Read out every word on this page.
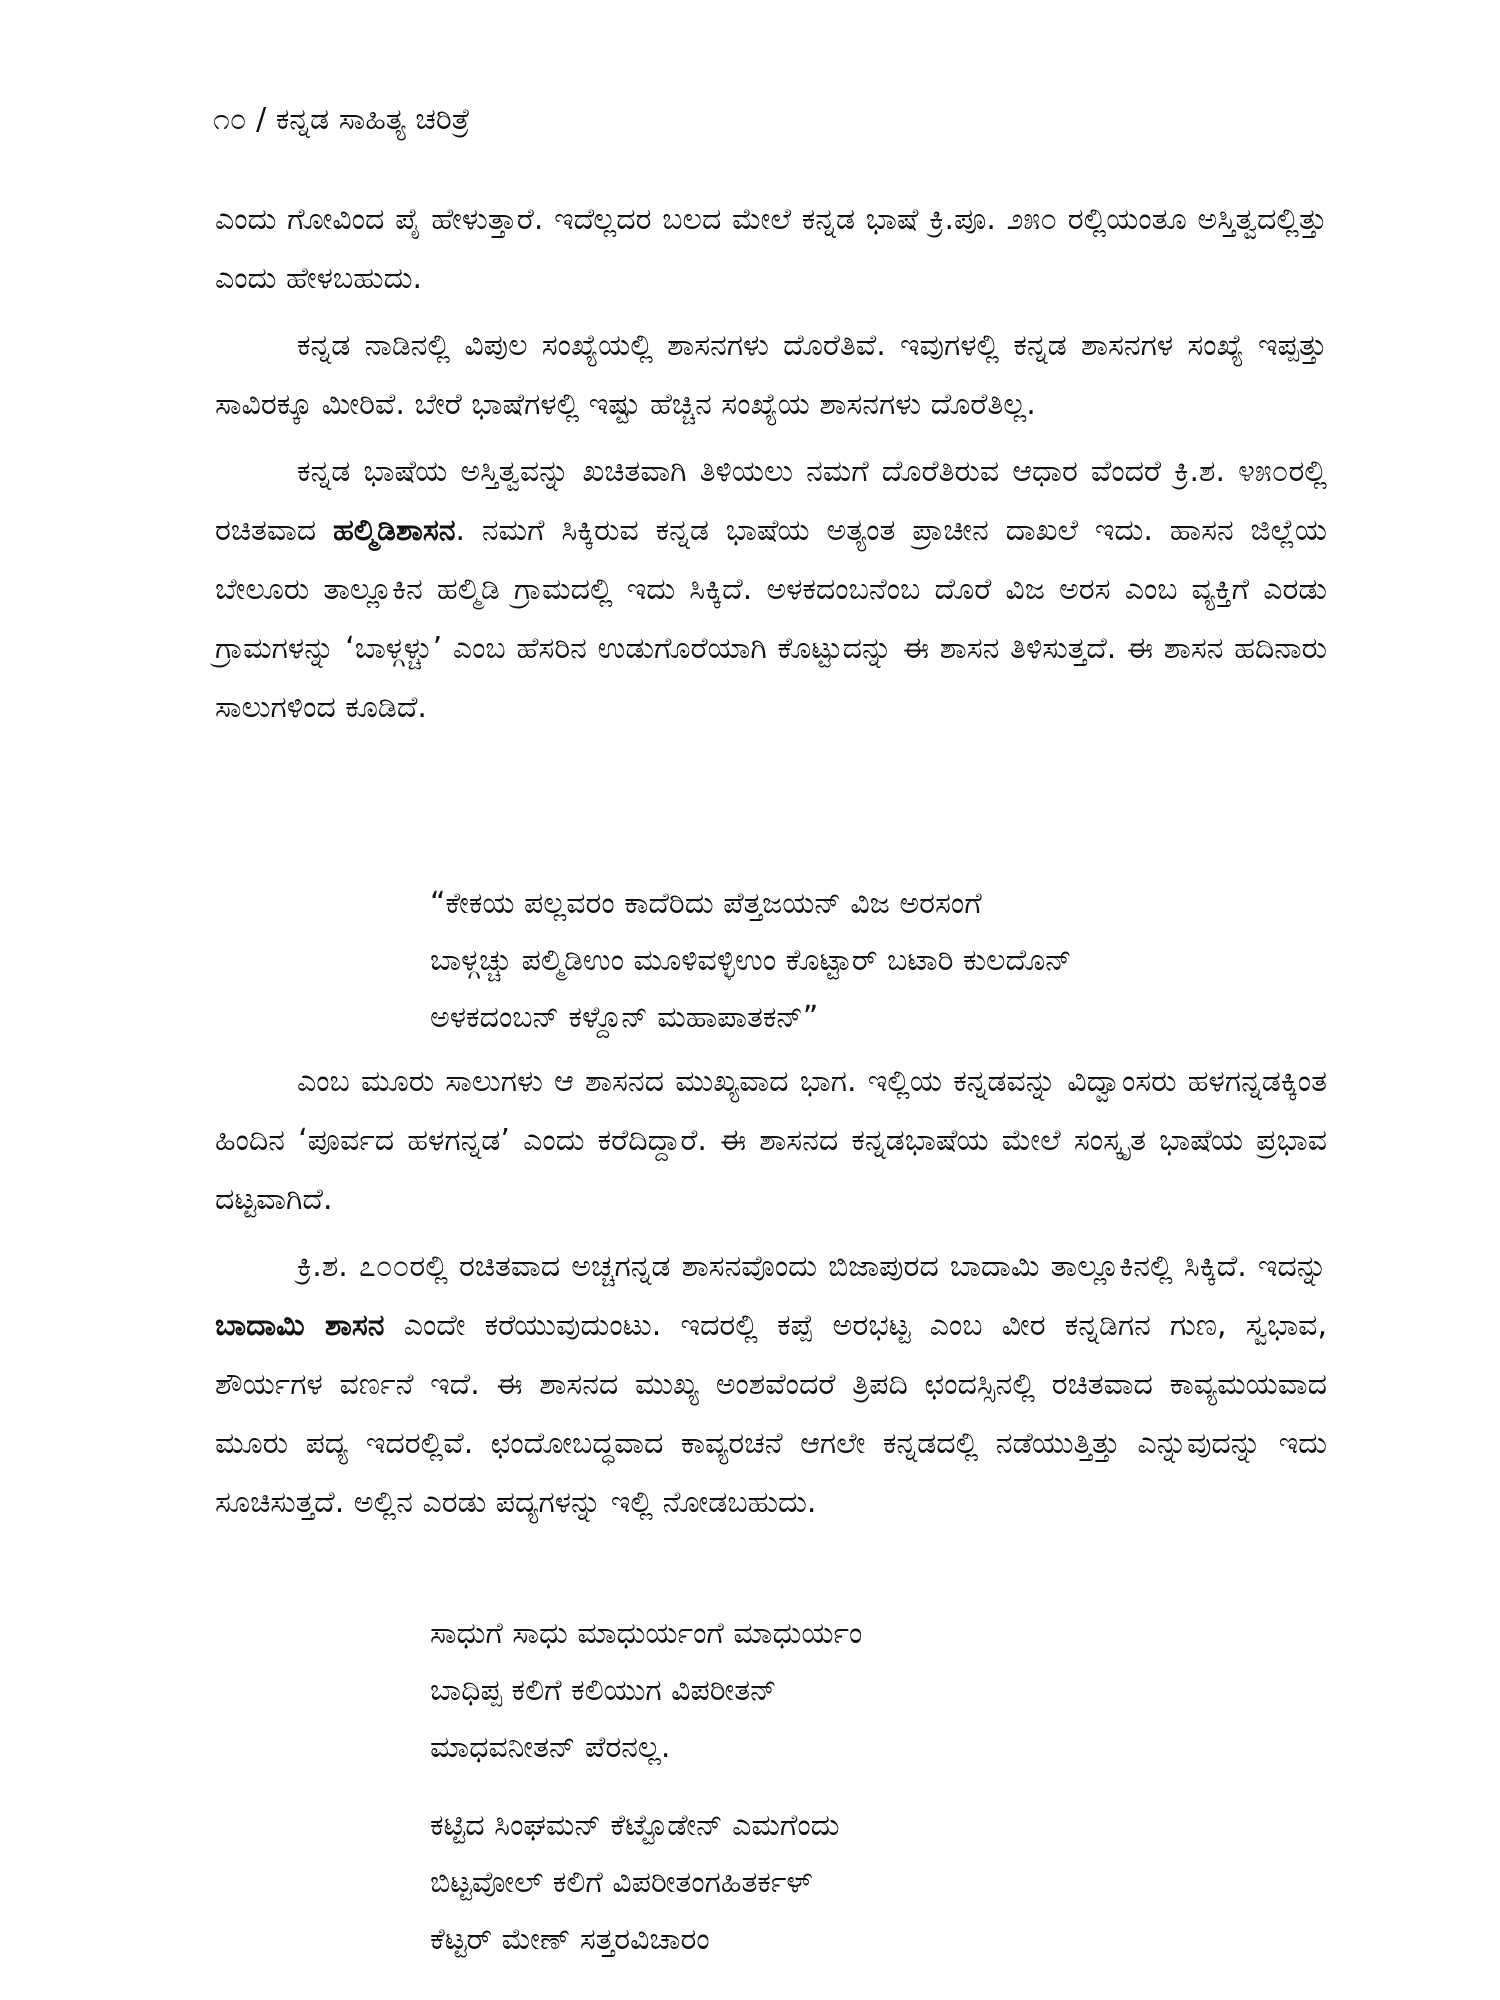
೧೦ / ಕನ್ನಡ ಸಾಹಿತ್ಯ ಚರಿತ್ರೆ

ಎಂದು ಗೋವಿಂದ ಪೈ ಹೇಳುತ್ತಾರೆ. ಇದೆಲ್ಲದರ ಬಲದ ಮೇಲೆ ಕನ್ನಡ ಭಾಷೆ ಕ್ರಿ.ಪೂ. ೨೫೦ ರಲ್ಲಿಯಂತೂ ಅಸ್ತಿತ್ವದಲ್ಲಿತ್ತು ಎಂದು ಹೇಳಬಹುದು.

ಕನ್ನಡ ನಾಡಿನಲ್ಲಿ ವಿಪುಲ ಸಂಖ್ಯೆಯಲ್ಲಿ ಶಾಸನಗಳು ದೊರೆತಿವೆ. ಇವುಗಳಲ್ಲಿ ಕನ್ನಡ ಶಾಸನಗಳ ಸಂಖ್ಯೆ ಇಪ್ಪತ್ತು ಸಾವಿರಕ್ಕೂ ಮೀರಿವೆ. ಬೇರೆ ಭಾಷೆಗಳಲ್ಲಿ ಇಷ್ಟು ಹೆಚ್ಚಿನ ಸಂಖ್ಯೆಯ ಶಾಸನಗಳು ದೊರೆತಿಲ್ಲ.

ಕನ್ನಡ ಭಾಷೆಯ ಅಸ್ತಿತ್ವವನ್ನು ಖಚಿತವಾಗಿ ತಿಳಿಯಲು ನಮಗೆ ದೊರೆತಿರುವ ಆಧಾರ ವೆಂದರೆ ಕ್ರಿ.ಶ. ೪೫೦ರಲ್ಲಿ ರಚಿತವಾದ ಹಲ್ಮಿಡಿಶಾಸನ. ನಮಗೆ ಸಿಕ್ಕಿರುವ ಕನ್ನಡ ಭಾಷೆಯ ಅತ್ಯಂತ ಪ್ರಾಚೀನ ದಾಖಲೆ ಇದು. ಹಾಸನ ಜಿಲ್ಲೆಯ ಬೇಲೂರು ತಾಲ್ಲೂಕಿನ ಹಲ್ಮಿಡಿ ಗ್ರಾಮದಲ್ಲಿ ಇದು ಸಿಕ್ಕಿದೆ. ಅಳಕದಂಬನೆಂಬ ದೊರೆ ವಿಜ ಅರಸ ಎಂಬ ವ್ಯಕ್ತಿಗೆ ಎರಡು ಗ್ರಾಮಗಳನ್ನು ‘ಬಾಳ್ಗಳ್ಚು’ ಎಂಬ ಹೆಸರಿನ ಉಡುಗೊರೆಯಾಗಿ ಕೊಟ್ಟುದನ್ನು ಈ ಶಾಸನ ತಿಳಿಸುತ್ತದೆ. ಈ ಶಾಸನ ಹದಿನಾರು ಸಾಲುಗಳಿಂದ ಕೂಡಿದೆ.

“ಕೇಕಯ ಪಲ್ಲವರಂ ಕಾದೆರಿದು ಪೆತ್ತಜಯನ್ ವಿಜ ಅರಸಂಗೆ
ಬಾಳ್ಗಚ್ಚು ಪಲ್ಮಿಡಿಉಂ ಮೂಳಿವಳ್ಳಿಉಂ ಕೊಟ್ಟಾರ್ ಬಟಾರಿ ಕುಲದೊನ್
ಅಳಕದಂಬನ್ ಕಳ್ದೊನ್ ಮಹಾಪಾತಕನ್”

ಎಂಬ ಮೂರು ಸಾಲುಗಳು ಆ ಶಾಸನದ ಮುಖ್ಯವಾದ ಭಾಗ. ಇಲ್ಲಿಯ ಕನ್ನಡವನ್ನು ವಿದ್ವಾಂಸರು ಹಳಗನ್ನಡಕ್ಕಿಂತ ಹಿಂದಿನ ‘ಪೂರ್ವದ ಹಳಗನ್ನಡ’ ಎಂದು ಕರೆದಿದ್ದಾರೆ. ಈ ಶಾಸನದ ಕನ್ನಡಭಾಷೆಯ ಮೇಲೆ ಸಂಸ್ಕೃತ ಭಾಷೆಯ ಪ್ರಭಾವ ದಟ್ಟವಾಗಿದೆ.

ಕ್ರಿ.ಶ. ೭೦೦ರಲ್ಲಿ ರಚಿತವಾದ ಅಚ್ಚಗನ್ನಡ ಶಾಸನವೊಂದು ಬಿಜಾಪುರದ ಬಾದಾಮಿ ತಾಲ್ಲೂಕಿನಲ್ಲಿ ಸಿಕ್ಕಿದೆ. ಇದನ್ನು ಬಾದಾಮಿ ಶಾಸನ ಎಂದೇ ಕರೆಯುವುದುಂಟು. ಇದರಲ್ಲಿ ಕಪ್ಪೆ ಅರಭಟ್ಟ ಎಂಬ ವೀರ ಕನ್ನಡಿಗನ ಗುಣ, ಸ್ವಭಾವ, ಶೌರ್ಯಗಳ ವರ್ಣನೆ ಇದೆ. ಈ ಶಾಸನದ ಮುಖ್ಯ ಅಂಶವೆಂದರೆ ತ್ರಿಪದಿ ಛಂದಸ್ಸಿನಲ್ಲಿ ರಚಿತವಾದ ಕಾವ್ಯಮಯವಾದ ಮೂರು ಪದ್ಯ ಇದರಲ್ಲಿವೆ. ಛಂದೋಬದ್ಧವಾದ ಕಾವ್ಯರಚನೆ ಆಗಲೇ ಕನ್ನಡದಲ್ಲಿ ನಡೆಯುತ್ತಿತ್ತು ಎನ್ನುವುದನ್ನು ಇದು ಸೂಚಿಸುತ್ತದೆ. ಅಲ್ಲಿನ ಎರಡು ಪದ್ಯಗಳನ್ನು ಇಲ್ಲಿ ನೋಡಬಹುದು.

ಸಾಧುಗೆ ಸಾಧು ಮಾಧುರ್ಯಂಗೆ ಮಾಧುರ್ಯಂ
ಬಾಧಿಪ್ಪ ಕಲಿಗೆ ಕಲಿಯುಗ ವಿಪರೀತನ್
ಮಾಧವನೀತನ್ ಪೆರನಲ್ಲ.
ಕಟ್ಟಿದ ಸಿಂಘಮನ್ ಕೆಟ್ಟೊಡೇನ್ ಎಮಗೆಂದು
ಬಿಟ್ಟವೋಲ್ ಕಲಿಗೆ ವಿಪರೀತಂಗಹಿತರ್ಕಳ್
ಕೆಟ್ಟರ್ ಮೇಣ್ ಸತ್ತರವಿಚಾರಂ
